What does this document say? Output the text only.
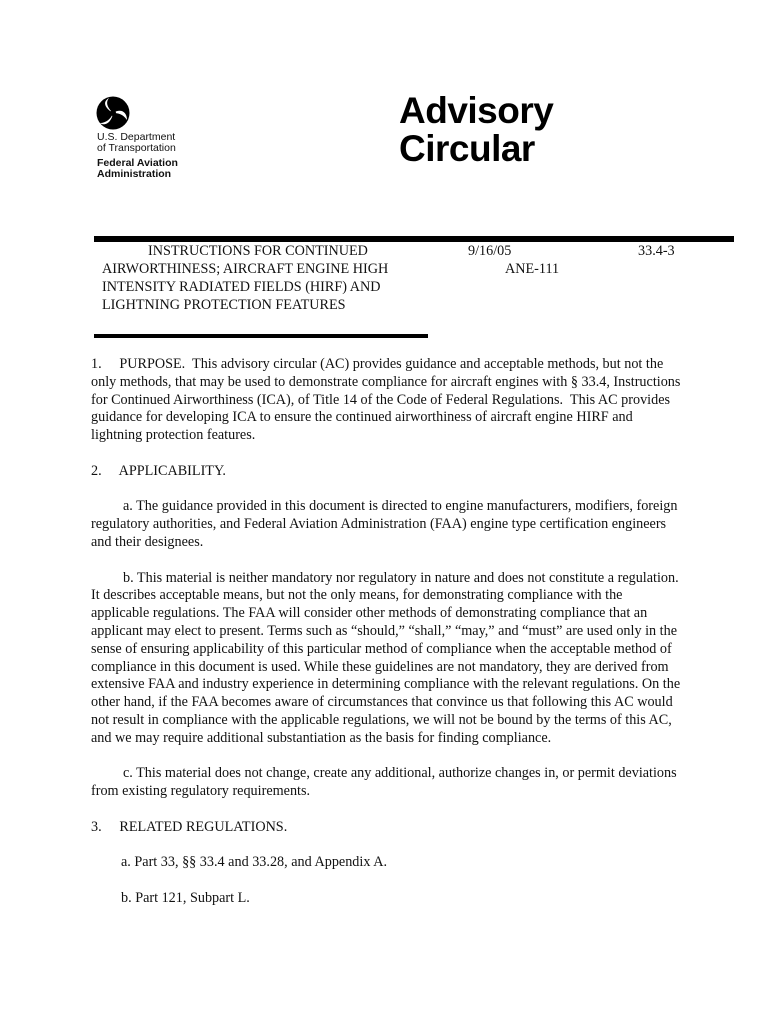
U.S. Department
of Transportation
Federal Aviation
Administration
Advisory
Circular
INSTRUCTIONS FOR CONTINUED
AIRWORTHINESS; AIRCRAFT ENGINE HIGH
INTENSITY RADIATED FIELDS (HIRF) AND
LIGHTNING PROTECTION FEATURES
9/16/05
ANE-111
33.4-3

1.     PURPOSE.  This advisory circular (AC) provides guidance and acceptable methods, but not the only methods, that may be used to demonstrate compliance for aircraft engines with § 33.4, Instructions for Continued Airworthiness (ICA), of Title 14 of the Code of Federal Regulations.  This AC provides guidance for developing ICA to ensure the continued airworthiness of aircraft engine HIRF and lightning protection features.

2.     APPLICABILITY.

a. The guidance provided in this document is directed to engine manufacturers, modifiers, foreign regulatory authorities, and Federal Aviation Administration (FAA) engine type certification engineers and their designees.

b. This material is neither mandatory nor regulatory in nature and does not constitute a regulation. It describes acceptable means, but not the only means, for demonstrating compliance with the applicable regulations. The FAA will consider other methods of demonstrating compliance that an applicant may elect to present. Terms such as “should,” “shall,” “may,” and “must” are used only in the sense of ensuring applicability of this particular method of compliance when the acceptable method of compliance in this document is used. While these guidelines are not mandatory, they are derived from extensive FAA and industry experience in determining compliance with the relevant regulations. On the other hand, if the FAA becomes aware of circumstances that convince us that following this AC would not result in compliance with the applicable regulations, we will not be bound by the terms of this AC, and we may require additional substantiation as the basis for finding compliance.

c. This material does not change, create any additional, authorize changes in, or permit deviations from existing regulatory requirements.

3.     RELATED REGULATIONS.

a. Part 33, §§ 33.4 and 33.28, and Appendix A.

b. Part 121, Subpart L.
